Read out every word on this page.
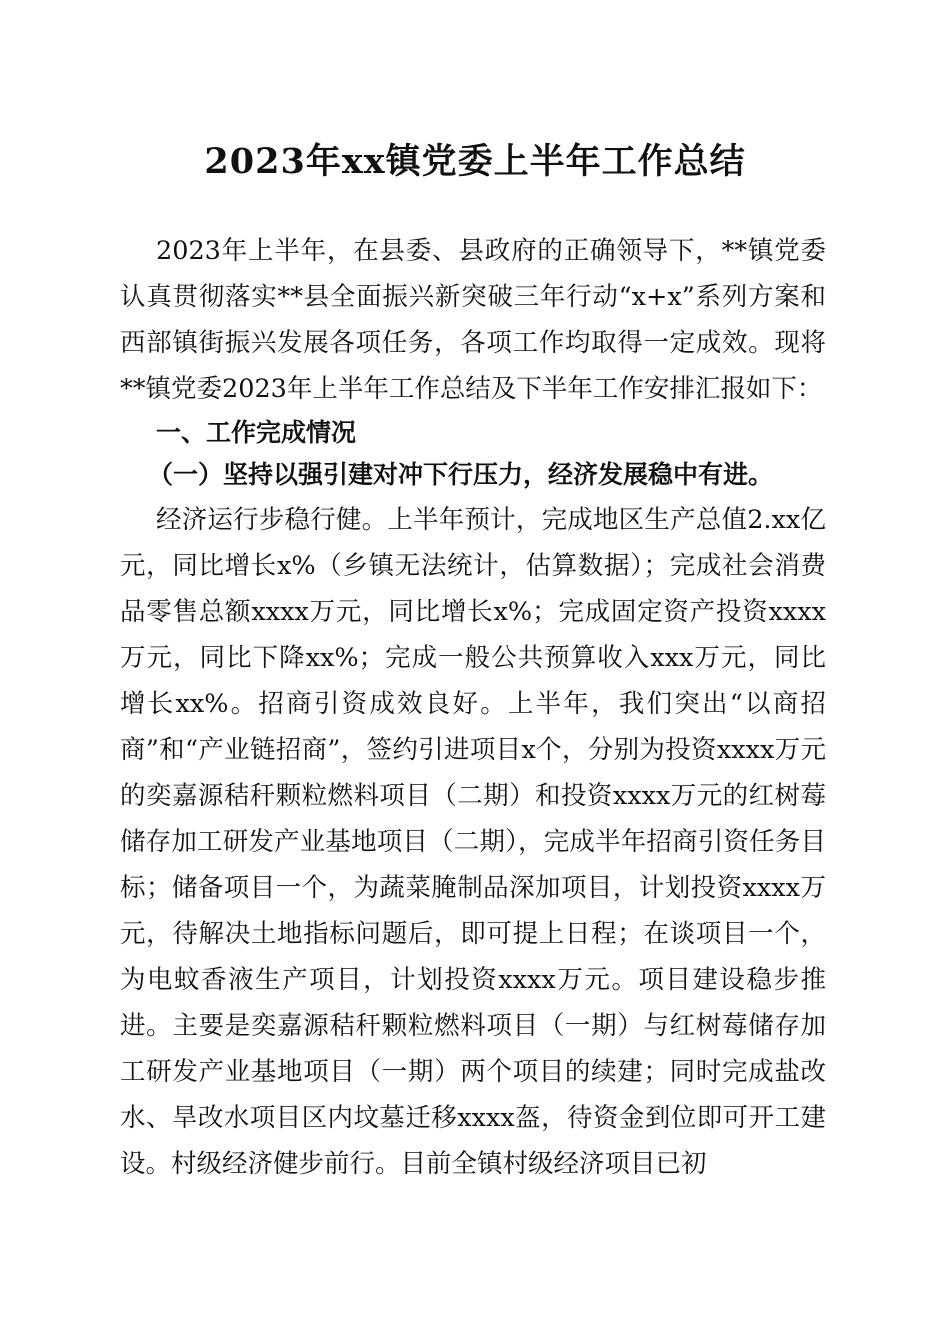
2023年xx镇党委上半年工作总结

2023年上半年，在县委、县政府的正确领导下，**镇党委认真贯彻落实**县全面振兴新突破三年行动“x+x”系列方案和西部镇街振兴发展各项任务，各项工作均取得一定成效。现将**镇党委2023年上半年工作总结及下半年工作安排汇报如下：

一、工作完成情况
（一）坚持以强引建对冲下行压力，经济发展稳中有进。

经济运行步稳行健。上半年预计，完成地区生产总值2.xx亿元，同比增长x%（乡镇无法统计，估算数据）；完成社会消费品零售总额xxxx万元，同比增长x%；完成固定资产投资xxxx万元，同比下降xx%；完成一般公共预算收入xxx万元，同比增长xx%。招商引资成效良好。上半年，我们突出“以商招商”和“产业链招商”，签约引进项目x个，分别为投资xxxx万元的奕嘉源秸秆颗粒燃料项目（二期）和投资xxxx万元的红树莓储存加工研发产业基地项目（二期），完成半年招商引资任务目标；储备项目一个，为蔬菜腌制品深加项目，计划投资xxxx万元，待解决土地指标问题后，即可提上日程；在谈项目一个，为电蚊香液生产项目，计划投资xxxx万元。项目建设稳步推进。主要是奕嘉源秸秆颗粒燃料项目（一期）与红树莓储存加工研发产业基地项目（一期）两个项目的续建；同时完成盐改水、旱改水项目区内坟墓迁移xxxx盔，待资金到位即可开工建设。村级经济健步前行。目前全镇村级经济项目已初
